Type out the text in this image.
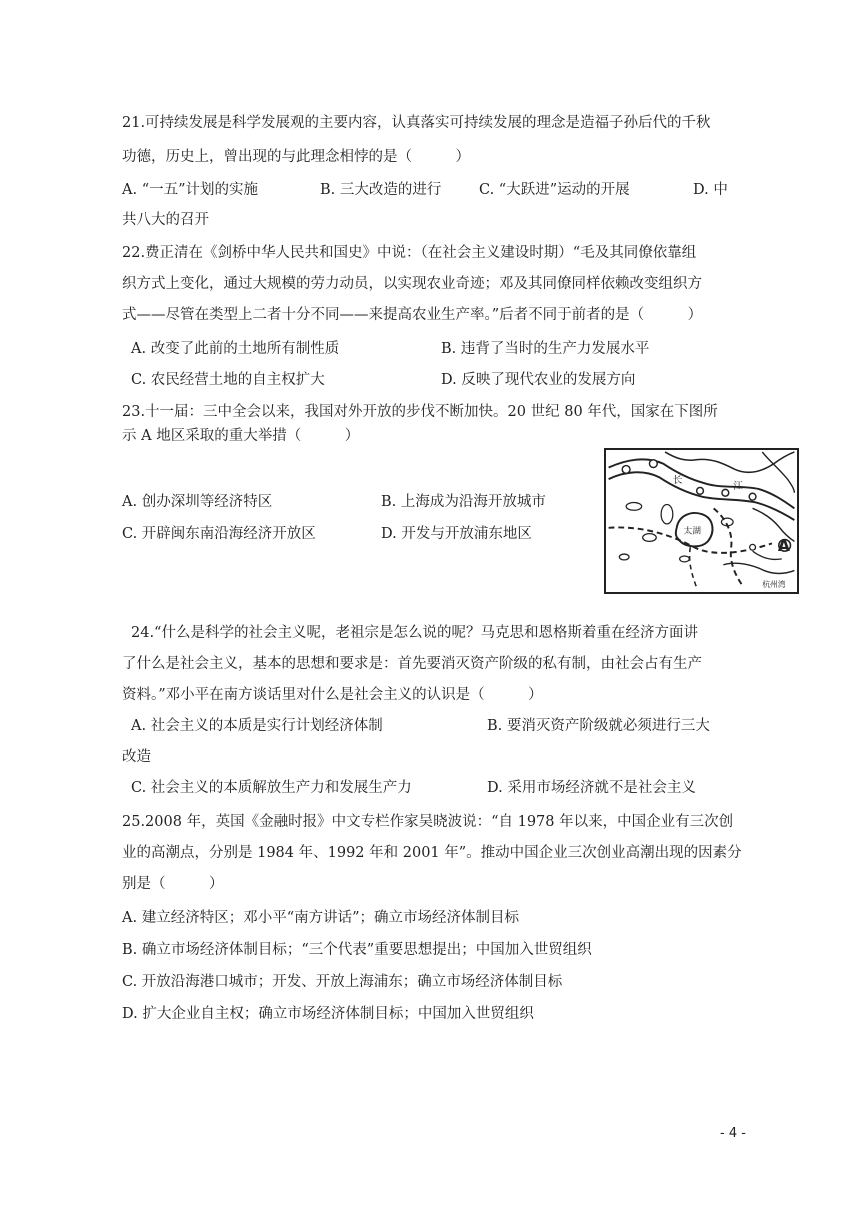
21.可持续发展是科学发展观的主要内容，认真落实可持续发展的理念是造福子孙后代的千秋
功德，历史上，曾出现的与此理念相悖的是（　　　）
A. “一五”计划的实施	B. 三大改造的进行	C. “大跃进”运动的开展	D. 中
共八大的召开
22.费正清在《剑桥中华人民共和国史》中说：（在社会主义建设时期）“毛及其同僚依靠组
织方式上变化，通过大规模的劳力动员，以实现农业奇迹；邓及其同僚同样依赖改变组织方
式——尽管在类型上二者十分不同——来提高农业生产率。”后者不同于前者的是（　　　）
A. 改变了此前的土地所有制性质	B. 违背了当时的生产力发展水平
C. 农民经营土地的自主权扩大	D. 反映了现代农业的发展方向
23.十一届：三中全会以来，我国对外开放的步伐不断加快。20 世纪 80 年代，国家在下图所
示 A 地区采取的重大举措（　　　）
A. 创办深圳等经济特区	B. 上海成为沿海开放城市
C. 开辟闽东南沿海经济开放区	D. 开发与开放浦东地区
长
江
太湖
A
杭州湾
24.“什么是科学的社会主义呢，老祖宗是怎么说的呢？马克思和恩格斯着重在经济方面讲
了什么是社会主义，基本的思想和要求是：首先要消灭资产阶级的私有制，由社会占有生产
资料。”邓小平在南方谈话里对什么是社会主义的认识是（　　　）
A. 社会主义的本质是实行计划经济体制	B. 要消灭资产阶级就必须进行三大
改造
C. 社会主义的本质解放生产力和发展生产力	D. 采用市场经济就不是社会主义
25.2008 年，英国《金融时报》中文专栏作家吴晓波说：“自 1978 年以来，中国企业有三次创
业的高潮点，分别是 1984 年、1992 年和 2001 年”。推动中国企业三次创业高潮出现的因素分
别是（　　　）
A. 建立经济特区；邓小平“南方讲话”；确立市场经济体制目标
B. 确立市场经济体制目标；“三个代表”重要思想提出；中国加入世贸组织
C. 开放沿海港口城市；开发、开放上海浦东；确立市场经济体制目标
D. 扩大企业自主权；确立市场经济体制目标；中国加入世贸组织
- 4 -
